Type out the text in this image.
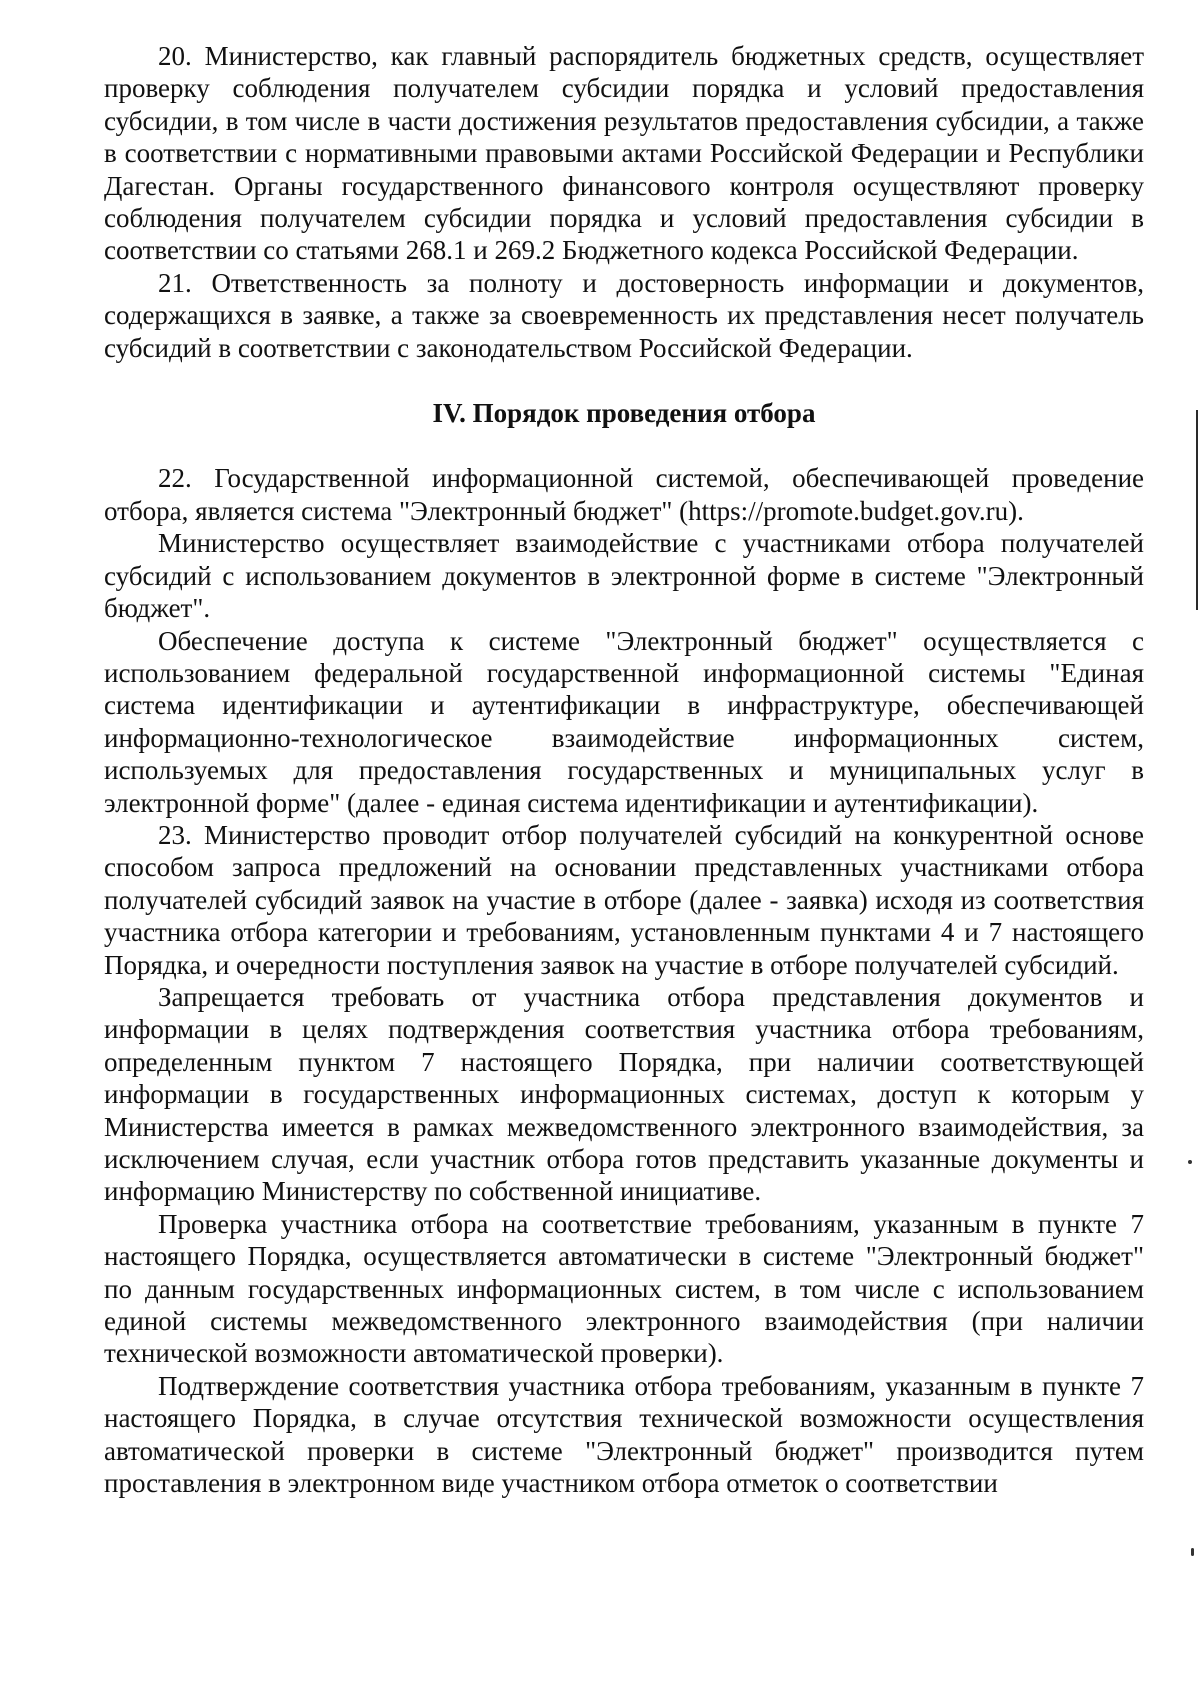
20. Министерство, как главный распорядитель бюджетных средств, осуществляет проверку соблюдения получателем субсидии порядка и условий предоставления субсидии, в том числе в части достижения результатов предоставления субсидии, а также в соответствии с нормативными правовыми актами Российской Федерации и Республики Дагестан. Органы государственного финансового контроля осуществляют проверку соблюдения получателем субсидии порядка и условий предоставления субсидии в соответствии со статьями 268.1 и 269.2 Бюджетного кодекса Российской Федерации.

21. Ответственность за полноту и достоверность информации и документов, содержащихся в заявке, а также за своевременность их представления несет получатель субсидий в соответствии с законодательством Российской Федерации.

IV. Порядок проведения отбора

22. Государственной информационной системой, обеспечивающей проведение отбора, является система "Электронный бюджет" (https://promote.budget.gov.ru).

Министерство осуществляет взаимодействие с участниками отбора получателей субсидий с использованием документов в электронной форме в системе "Электронный бюджет".

Обеспечение доступа к системе "Электронный бюджет" осуществляется с использованием федеральной государственной информационной системы "Единая система идентификации и аутентификации в инфраструктуре, обеспечивающей информационно-технологическое взаимодействие информационных систем, используемых для предоставления государственных и муниципальных услуг в электронной форме" (далее - единая система идентификации и аутентификации).

23. Министерство проводит отбор получателей субсидий на конкурентной основе способом запроса предложений на основании представленных участниками отбора получателей субсидий заявок на участие в отборе (далее - заявка) исходя из соответствия участника отбора категории и требованиям, установленным пунктами 4 и 7 настоящего Порядка, и очередности поступления заявок на участие в отборе получателей субсидий.

Запрещается требовать от участника отбора представления документов и информации в целях подтверждения соответствия участника отбора требованиям, определенным пунктом 7 настоящего Порядка, при наличии соответствующей информации в государственных информационных системах, доступ к которым у Министерства имеется в рамках межведомственного электронного взаимодействия, за исключением случая, если участник отбора готов представить указанные документы и информацию Министерству по собственной инициативе.

Проверка участника отбора на соответствие требованиям, указанным в пункте 7 настоящего Порядка, осуществляется автоматически в системе "Электронный бюджет" по данным государственных информационных систем, в том числе с использованием единой системы межведомственного электронного взаимодействия (при наличии технической возможности автоматической проверки).

Подтверждение соответствия участника отбора требованиям, указанным в пункте 7 настоящего Порядка, в случае отсутствия технической возможности осуществления автоматической проверки в системе "Электронный бюджет" производится путем проставления в электронном виде участником отбора отметок о соответствии
